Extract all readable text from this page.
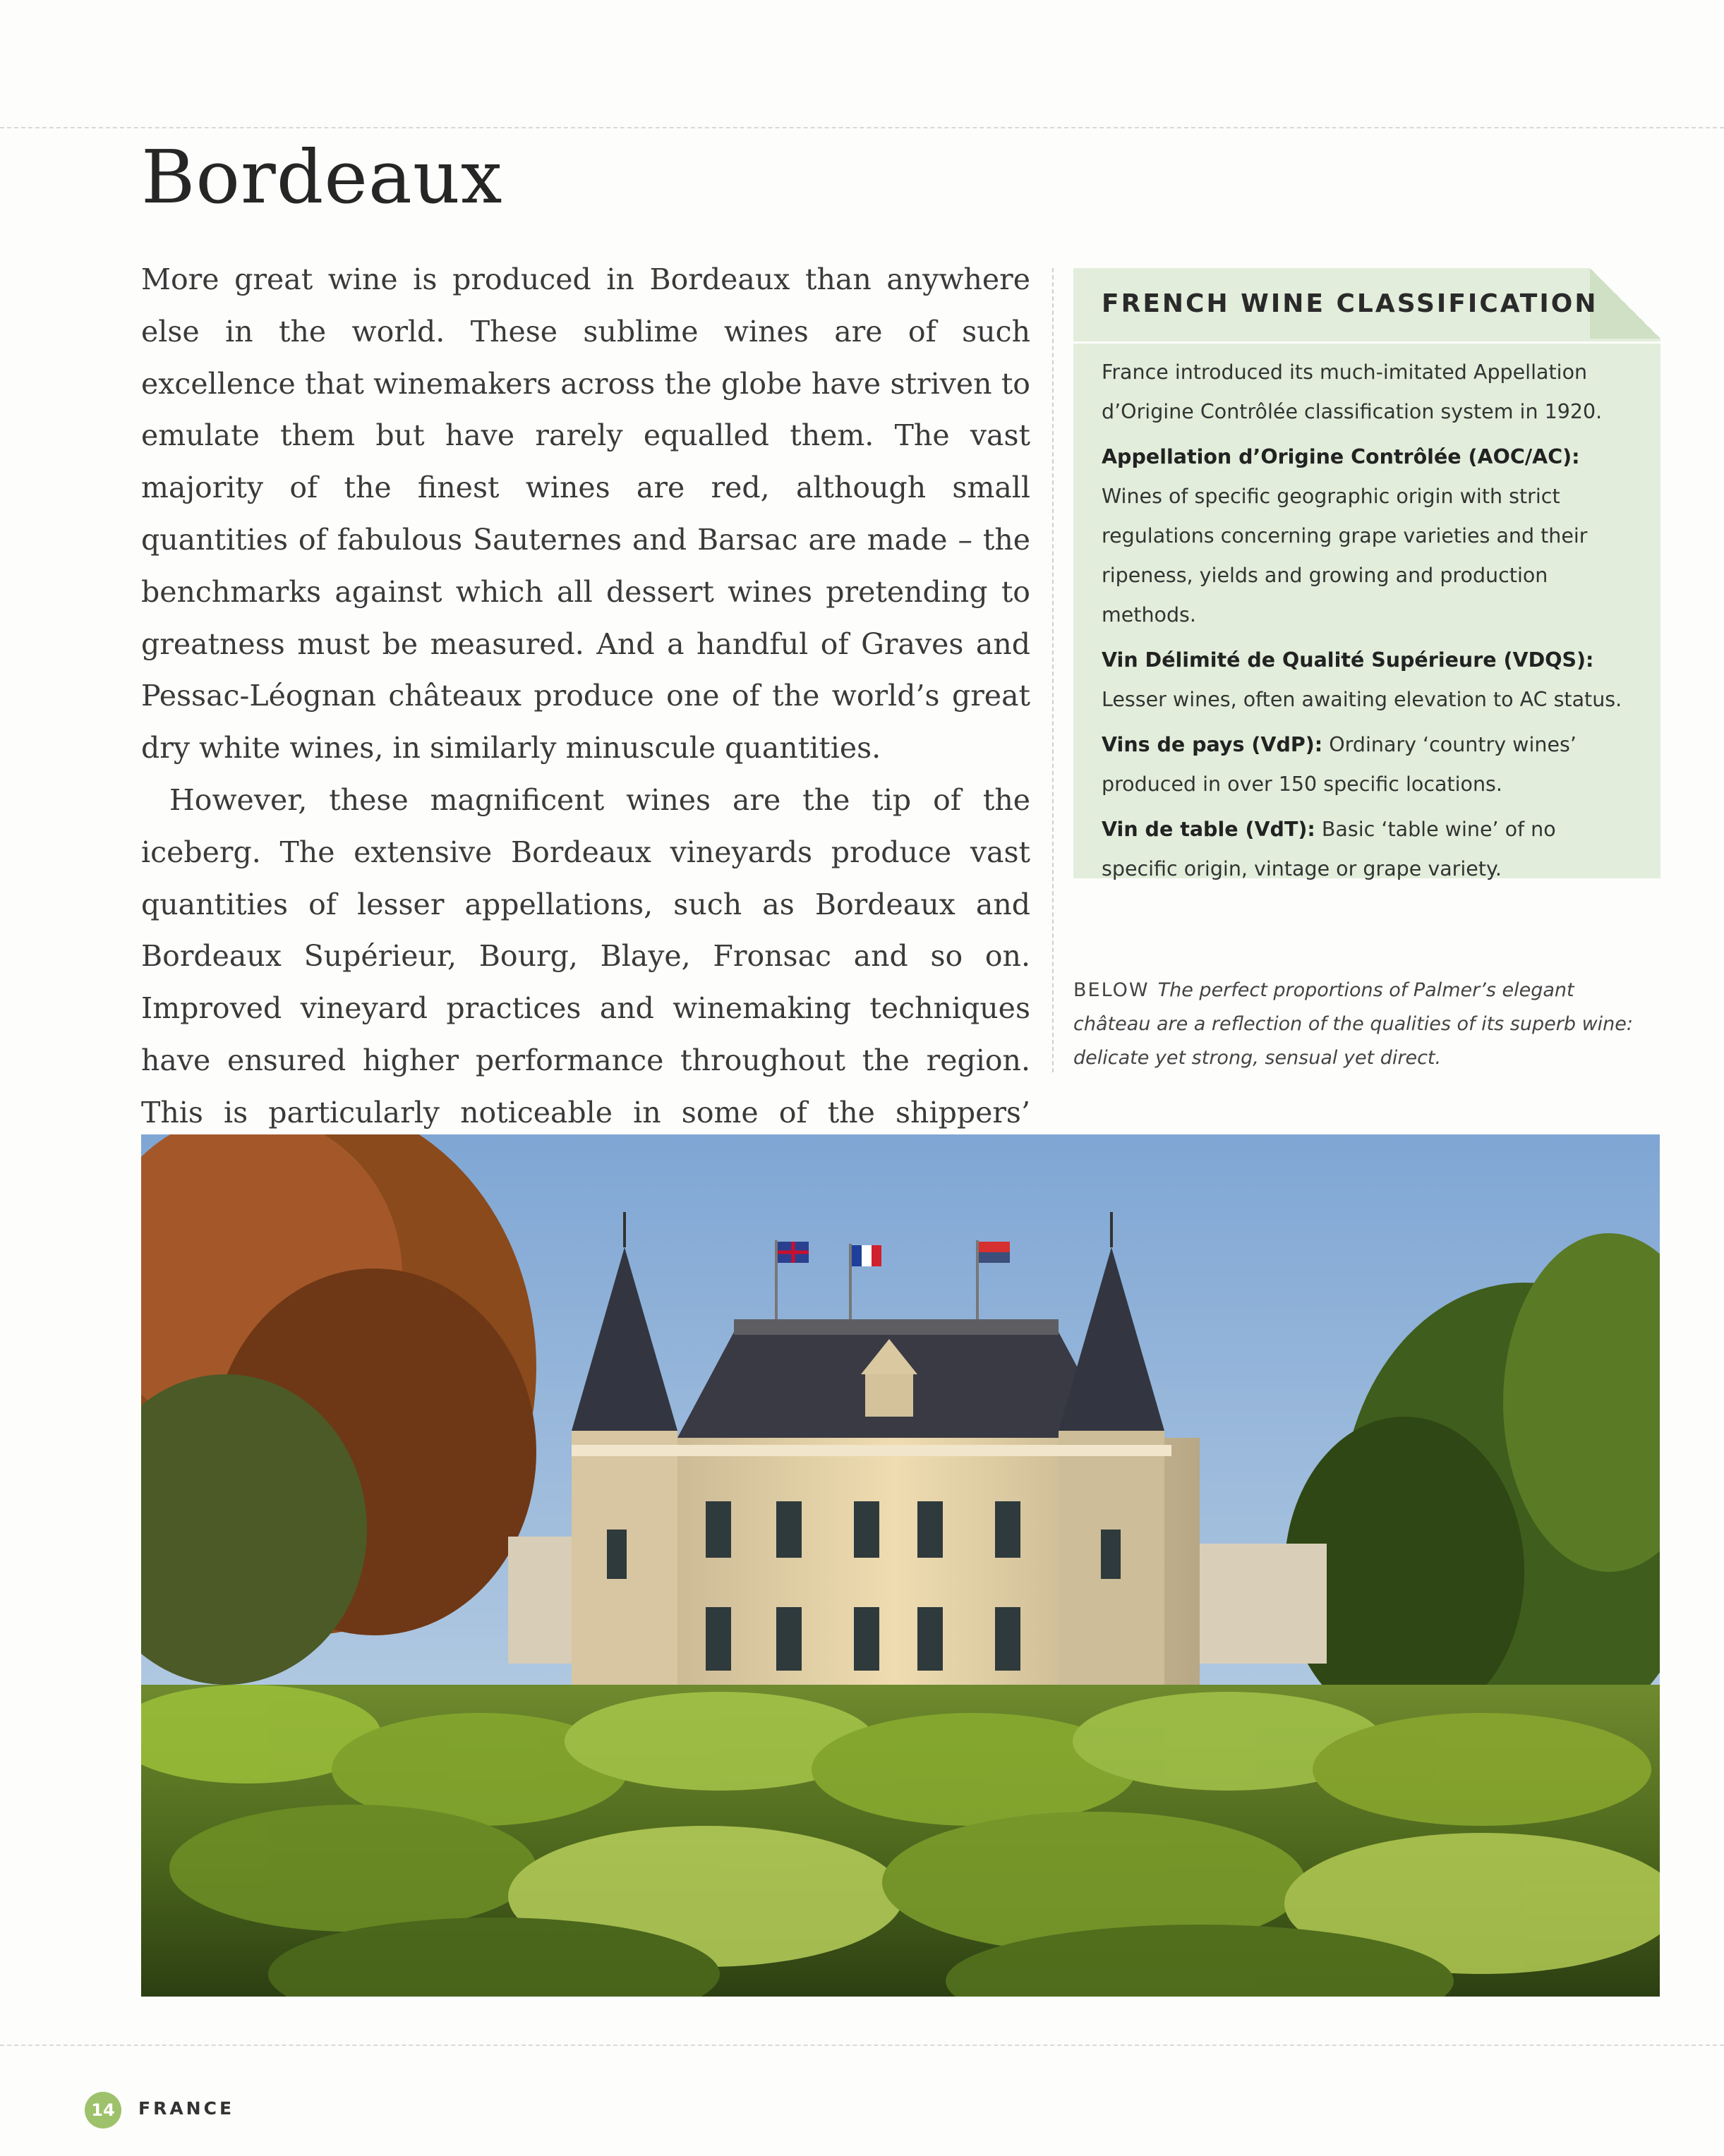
Bordeaux

More great wine is produced in Bordeaux than anywhere else in the world. These sublime wines are of such excellence that winemakers across the globe have striven to emulate them but have rarely equalled them. The vast majority of the finest wines are red, although small quantities of fabulous Sauternes and Barsac are made – the benchmarks against which all dessert wines pretending to greatness must be measured. And a handful of Graves and Pessac-Léognan châteaux produce one of the world’s great dry white wines, in similarly minuscule quantities.

However, these magnificent wines are the tip of the iceberg. The extensive Bordeaux vineyards produce vast quantities of lesser appellations, such as Bordeaux and Bordeaux Supérieur, Bourg, Blaye, Fronsac and so on. Improved vineyard practices and winemaking techniques have ensured higher performance throughout the region. This is particularly noticeable in some of the shippers’

FRENCH WINE CLASSIFICATION

France introduced its much-imitated Appellation d’Origine Contrôlée classification system in 1920.

Appellation d’Origine Contrôlée (AOC/AC): Wines of specific geographic origin with strict regulations concerning grape varieties and their ripeness, yields and growing and production methods.

Vin Délimité de Qualité Supérieure (VDQS): Lesser wines, often awaiting elevation to AC status.

Vins de pays (VdP): Ordinary ‘country wines’ produced in over 150 specific locations.

Vin de table (VdT): Basic ‘table wine’ of no specific origin, vintage or grape variety.

BELOW The perfect proportions of Palmer’s elegant château are a reflection of the qualities of its superb wine: delicate yet strong, sensual yet direct.
14	FRANCE
